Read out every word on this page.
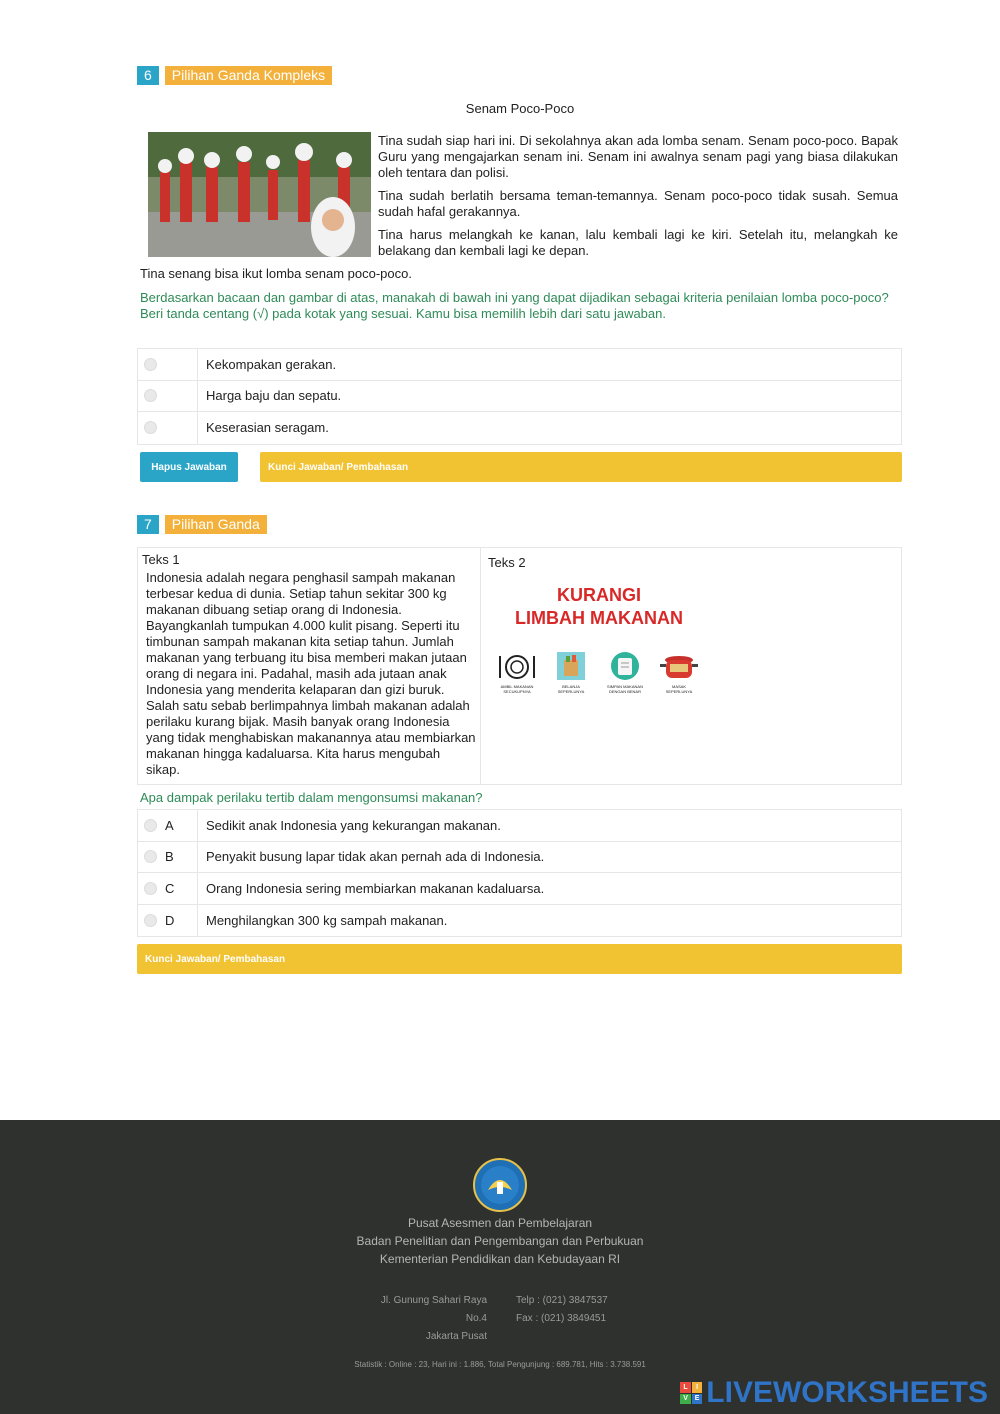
6	Pilihan Ganda Kompleks
Senam Poco-Poco

Tina sudah siap hari ini. Di sekolahnya akan ada lomba senam. Senam poco-poco. Bapak Guru yang mengajarkan senam ini. Senam ini awalnya senam pagi yang biasa dilakukan oleh tentara dan polisi.

Tina sudah berlatih bersama teman-temannya. Senam poco-poco tidak susah. Semua sudah hafal gerakannya.

Tina harus melangkah ke kanan, lalu kembali lagi ke kiri. Setelah itu, melangkah ke belakang dan kembali lagi ke depan.

Tina senang bisa ikut lomba senam poco-poco.
Berdasarkan bacaan dan gambar di atas, manakah di bawah ini yang dapat dijadikan sebagai kriteria penilaian lomba poco-poco? Beri tanda centang (√) pada kotak yang sesuai. Kamu bisa memilih lebih dari satu jawaban.
Kekompakan gerakan.
Harga baju dan sepatu.
Keserasian seragam.
Hapus Jawaban	Kunci Jawaban/ Pembahasan
7	Pilihan Ganda
Teks 1
Indonesia adalah negara penghasil sampah makanan terbesar kedua di dunia. Setiap tahun sekitar 300 kg makanan dibuang setiap orang di Indonesia. Bayangkanlah tumpukan 4.000 kulit pisang. Seperti itu timbunan sampah makanan kita setiap tahun. Jumlah makanan yang terbuang itu bisa memberi makan jutaan orang di negara ini. Padahal, masih ada jutaan anak Indonesia yang menderita kelaparan dan gizi buruk. Salah satu sebab berlimpahnya limbah makanan adalah perilaku kurang bijak. Masih banyak orang Indonesia yang tidak menghabiskan makanannya atau membiarkan makanan hingga kadaluarsa. Kita harus mengubah sikap.
Teks 2
KURANGI
LIMBAH MAKANAN
AMBIL MAKANAN SECUKUPNYA
BELANJA SEPERLUNYA
SIMPAN MAKANAN DENGAN BENAR
MASAK SEPERLUNYA
Apa dampak perilaku tertib dalam mengonsumsi makanan?
A	Sedikit anak Indonesia yang kekurangan makanan.
B	Penyakit busung lapar tidak akan pernah ada di Indonesia.
C	Orang Indonesia sering membiarkan makanan kadaluarsa.
D	Menghilangkan 300 kg sampah makanan.
Kunci Jawaban/ Pembahasan
Pusat Asesmen dan Pembelajaran
Badan Penelitian dan Pengembangan dan Perbukuan
Kementerian Pendidikan dan Kebudayaan RI
Jl. Gunung Sahari Raya No.4
Jakarta Pusat
Telp : (021) 3847537
Fax : (021) 3849451
Statistik : Online : 23, Hari ini : 1.886, Total Pengunjung : 689.781, Hits : 3.738.591
L	I
V E LIVEWORKSHEETS
